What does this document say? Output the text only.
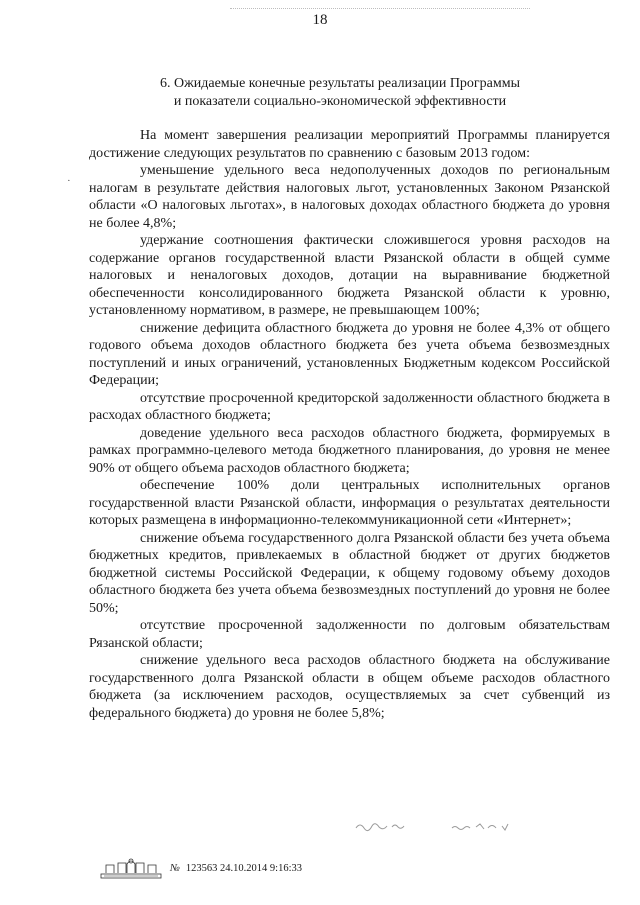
18
6. Ожидаемые конечные результаты реализации Программы
и показатели социально-экономической эффективности
·

На момент завершения реализации мероприятий Программы планируется достижение следующих результатов по сравнению с базовым 2013 годом:

уменьшение удельного веса недополученных доходов по региональным налогам в результате действия налоговых льгот, установленных Законом Рязанской области «О налоговых льготах», в налоговых доходах областного бюджета до уровня не более 4,8%;

удержание соотношения фактически сложившегося уровня расходов на содержание органов государственной власти Рязанской области в общей сумме налоговых и неналоговых доходов, дотации на выравнивание бюджетной обеспеченности консолидированного бюджета Рязанской области к уровню, установленному нормативом, в размере, не превышающем 100%;

снижение дефицита областного бюджета до уровня не более 4,3% от общего годового объема доходов областного бюджета без учета объема безвозмездных поступлений и иных ограничений, установленных Бюджетным кодексом Российской Федерации;

отсутствие просроченной кредиторской задолженности областного бюджета в расходах областного бюджета;

доведение удельного веса расходов областного бюджета, формируемых в рамках программно-целевого метода бюджетного планирования, до уровня не менее 90% от общего объема расходов областного бюджета;

обеспечение 100% доли центральных исполнительных органов государственной власти Рязанской области, информация о результатах деятельности которых размещена в информационно-телекоммуникационной сети «Интернет»;

снижение объема государственного долга Рязанской области без учета объема бюджетных кредитов, привлекаемых в областной бюджет от других бюджетов бюджетной системы Российской Федерации, к общему годовому объему доходов областного бюджета без учета объема безвозмездных поступлений до уровня не более 50%;

отсутствие просроченной задолженности по долговым обязательствам Рязанской области;

снижение удельного веса расходов областного бюджета на обслуживание государственного долга Рязанской области в общем объеме расходов областного бюджета (за исключением расходов, осуществляемых за счет субвенций из федерального бюджета) до уровня не более 5,8%;

№ 123563 24.10.2014 9:16:33
